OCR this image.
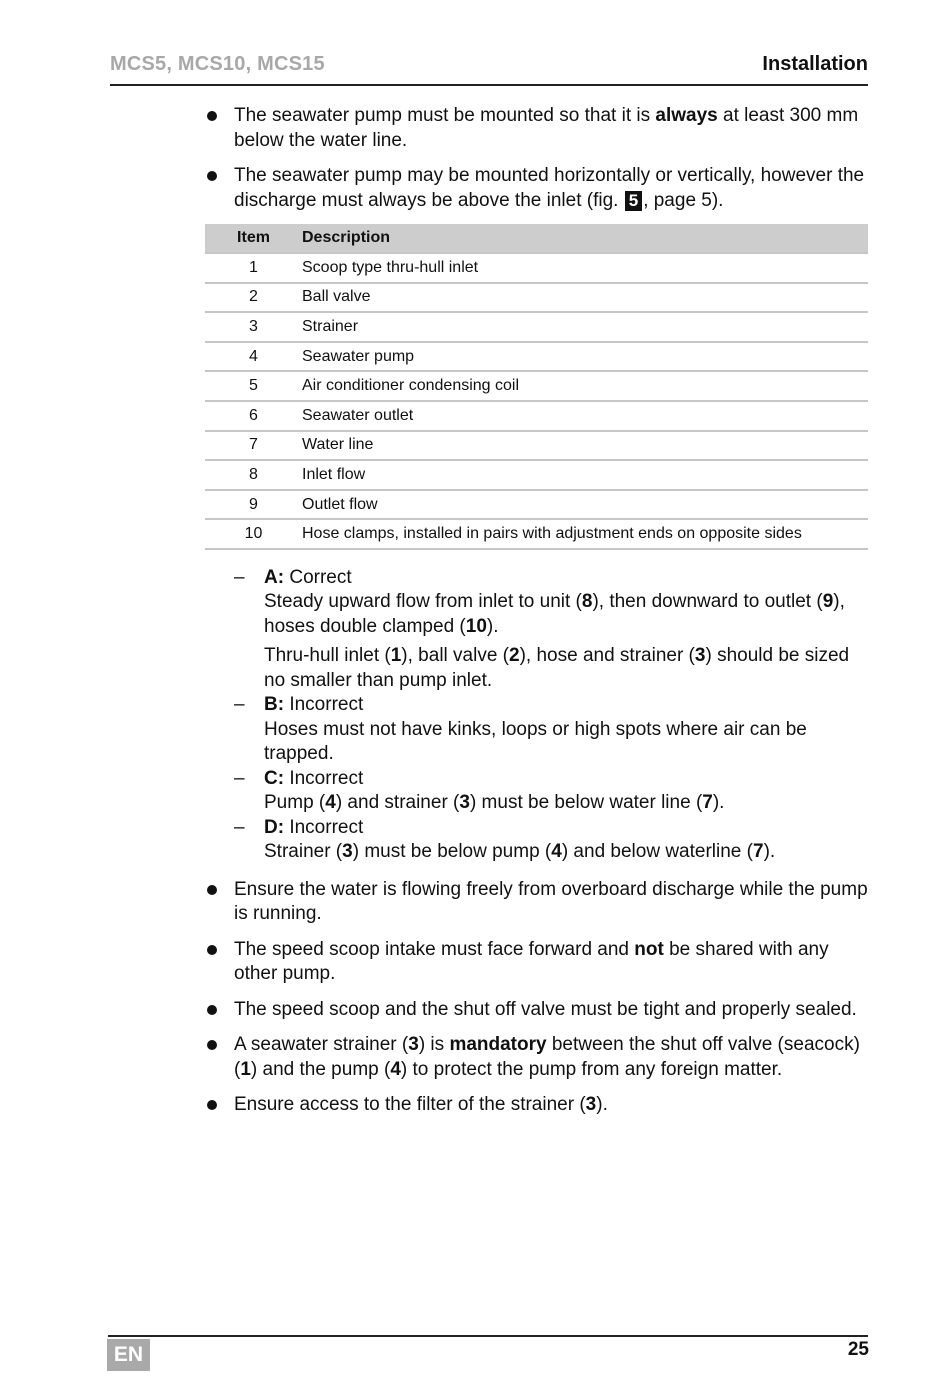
MCS5, MCS10, MCS15	Installation
The seawater pump must be mounted so that it is always at least 300 mm below the water line.
The seawater pump may be mounted horizontally or vertically, however the discharge must always be above the inlet (fig. 5 , page 5).
Item	Description
1	Scoop type thru-hull inlet
2	Ball valve
3	Strainer
4	Seawater pump
5	Air conditioner condensing coil
6	Seawater outlet
7	Water line
8	Inlet flow
9	Outlet flow
10	Hose clamps, installed in pairs with adjustment ends on opposite sides
– A: Correct

Steady upward flow from inlet to unit (8), then downward to outlet (9), hoses double clamped (10).

Thru-hull inlet (1), ball valve (2), hose and strainer (3) should be sized no smaller than pump inlet.

– B: Incorrect

Hoses must not have kinks, loops or high spots where air can be trapped.

– C: Incorrect

Pump (4) and strainer (3) must be below water line (7).

– D: Incorrect

Strainer (3) must be below pump (4) and below waterline (7).

Ensure the water is flowing freely from overboard discharge while the pump is running.
The speed scoop intake must face forward and not be shared with any other pump.
The speed scoop and the shut off valve must be tight and properly sealed.
A seawater strainer (3) is mandatory between the shut off valve (seacock) (1) and the pump (4) to protect the pump from any foreign matter.
Ensure access to the filter of the strainer (3).
EN	25
